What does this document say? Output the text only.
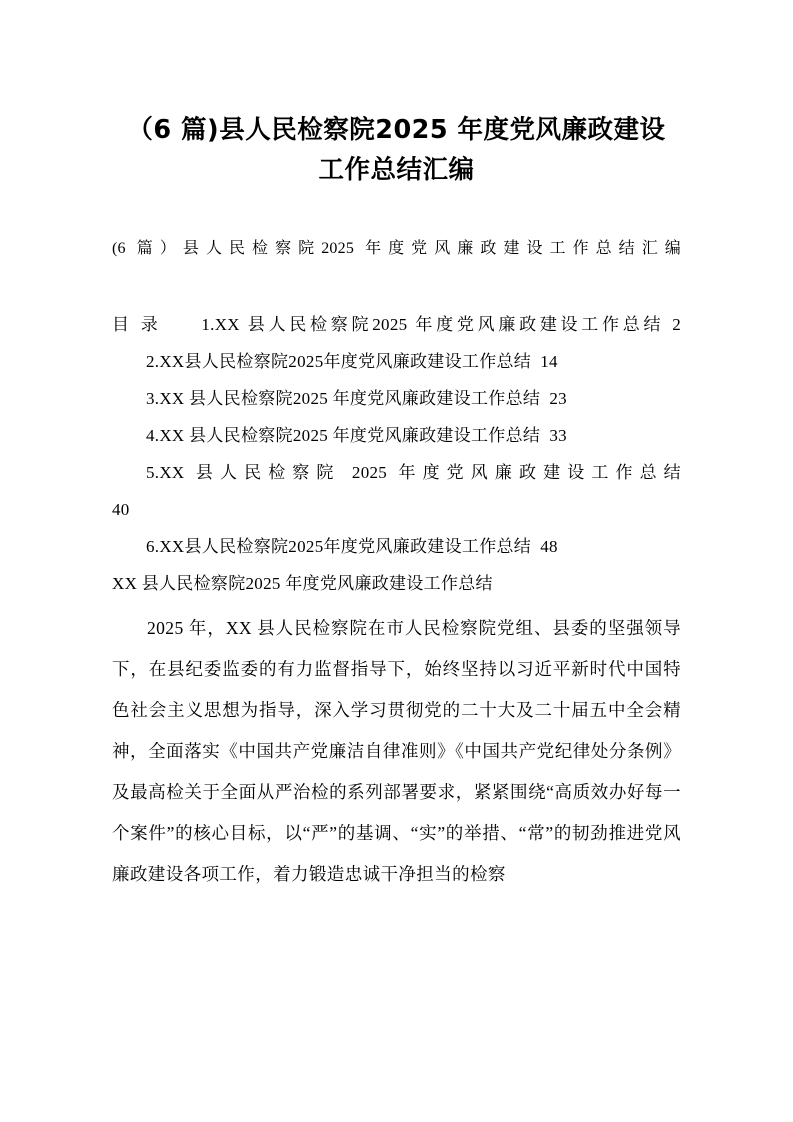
（6 篇)县人民检察院2025 年度党风廉政建设工作总结汇编

(6 篇）县人民检察院2025 年度党风廉政建设工作总结汇编

目 录 1.XX 县人民检察院2025 年度党风廉政建设工作总结 2

2.XX县人民检察院2025年度党风廉政建设工作总结 14

3.XX 县人民检察院2025 年度党风廉政建设工作总结 23

4.XX 县人民检察院2025 年度党风廉政建设工作总结 33

5.XX 县人民检察院 2025 年度党风廉政建设工作总结

40

6.XX县人民检察院2025年度党风廉政建设工作总结 48

XX 县人民检察院2025 年度党风廉政建设工作总结

2025 年，XX 县人民检察院在市人民检察院党组、县委的坚强领导下，在县纪委监委的有力监督指导下，始终坚持以习近平新时代中国特色社会主义思想为指导，深入学习贯彻党的二十大及二十届五中全会精神，全面落实《中国共产党廉洁自律准则》《中国共产党纪律处分条例》及最高检关于全面从严治检的系列部署要求，紧紧围绕“高质效办好每一个案件”的核心目标，以“严”的基调、“实”的举措、“常”的韧劲推进党风廉政建设各项工作，着力锻造忠诚干净担当的检察
